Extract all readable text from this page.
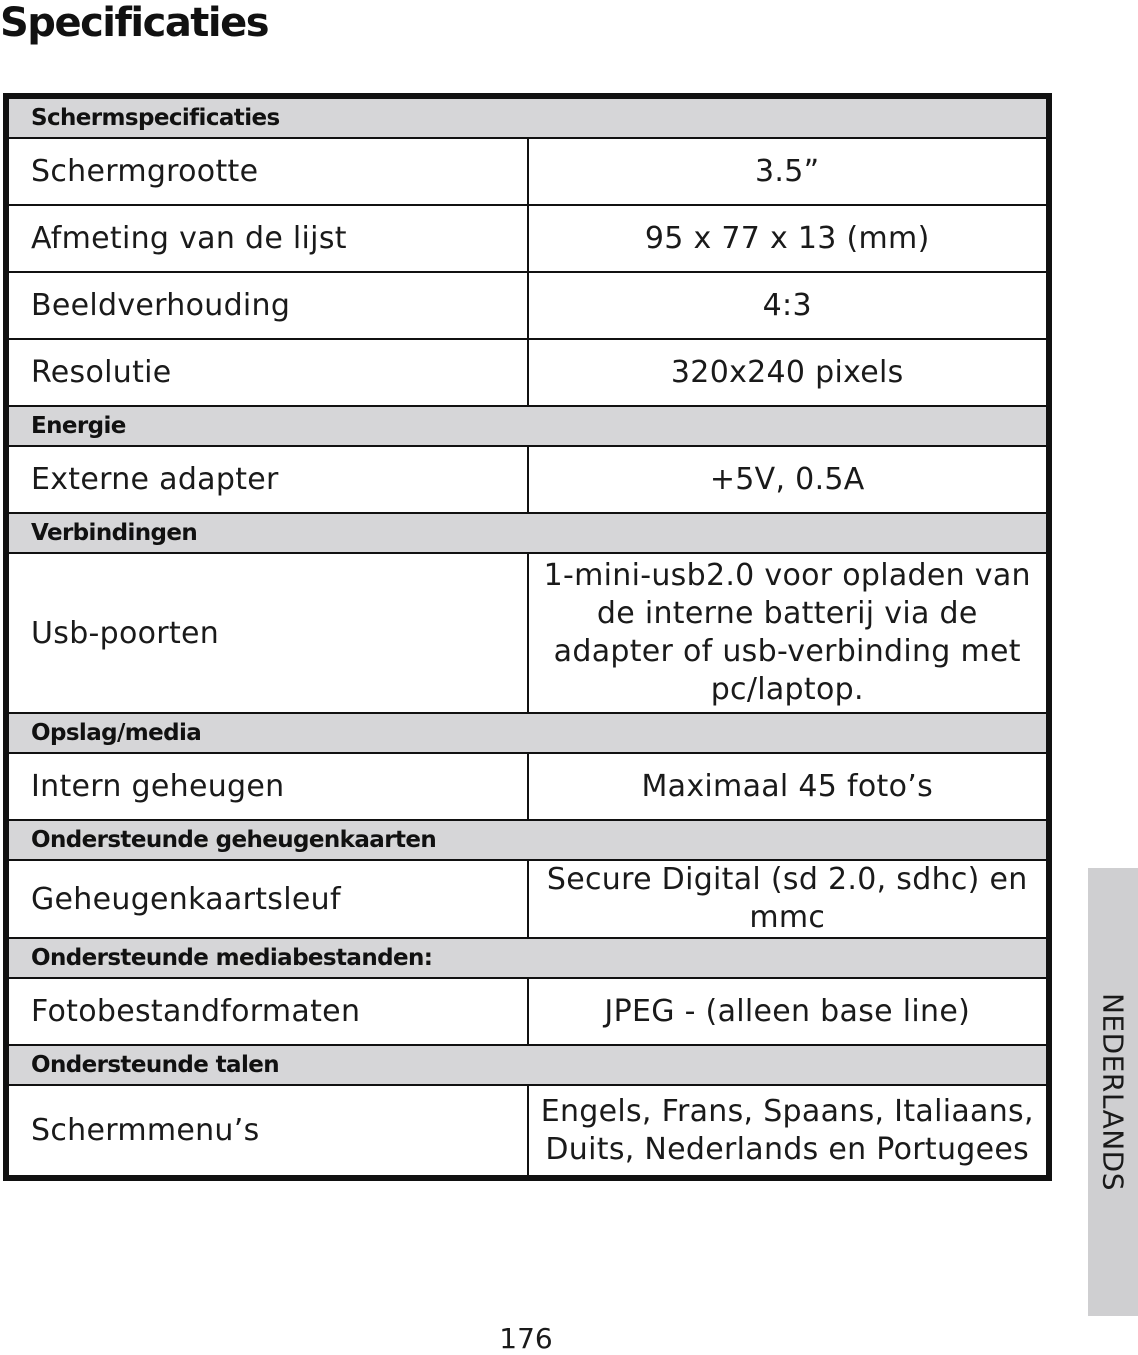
Specificaties
Schermspecificaties	
Schermgrootte	3.5”
Afmeting van de lijst	95 x 77 x 13 (mm)
Beeldverhouding	4:3
Resolutie	320x240 pixels
Energie	
Externe adapter	+5V, 0.5A
Verbindingen	
Usb-poorten	1-mini-usb2.0 voor opladen van de interne batterij via de adapter of usb-verbinding met pc/laptop.
Opslag/media	
Intern geheugen	Maximaal 45 foto’s
Ondersteunde geheugenkaarten	
Geheugenkaartsleuf	Secure Digital (sd 2.0, sdhc) en mmc
Ondersteunde mediabestanden:	
Fotobestandformaten	JPEG - (alleen base line)
Ondersteunde talen	
Schermmenu’s	Engels, Frans, Spaans, Italiaans, Duits, Nederlands en Portugees NEDERLANDS
176
